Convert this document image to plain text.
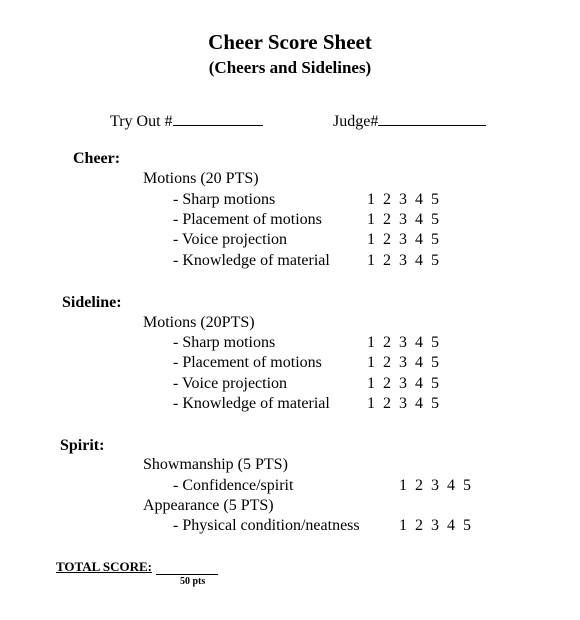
Cheer Score Sheet
(Cheers and Sidelines)
Try Out #	Judge#
Cheer:
Motions (20 PTS)
- Sharp motions	1 2 3 4 5
- Placement of motions	1 2 3 4 5
- Voice projection	1 2 3 4 5
- Knowledge of material 1 2 3 4 5
Sideline:
Motions (20PTS)
- Sharp motions	1 2 3 4 5
- Placement of motions	1 2 3 4 5
- Voice projection	1 2 3 4 5
- Knowledge of material 1 2 3 4 5
Spirit:
Showmanship (5 PTS)
- Confidence/spirit	1 2 3 4 5
Appearance (5 PTS)
- Physical condition/neatness 1 2 3 4 5
TOTAL SCORE:
50 pts
